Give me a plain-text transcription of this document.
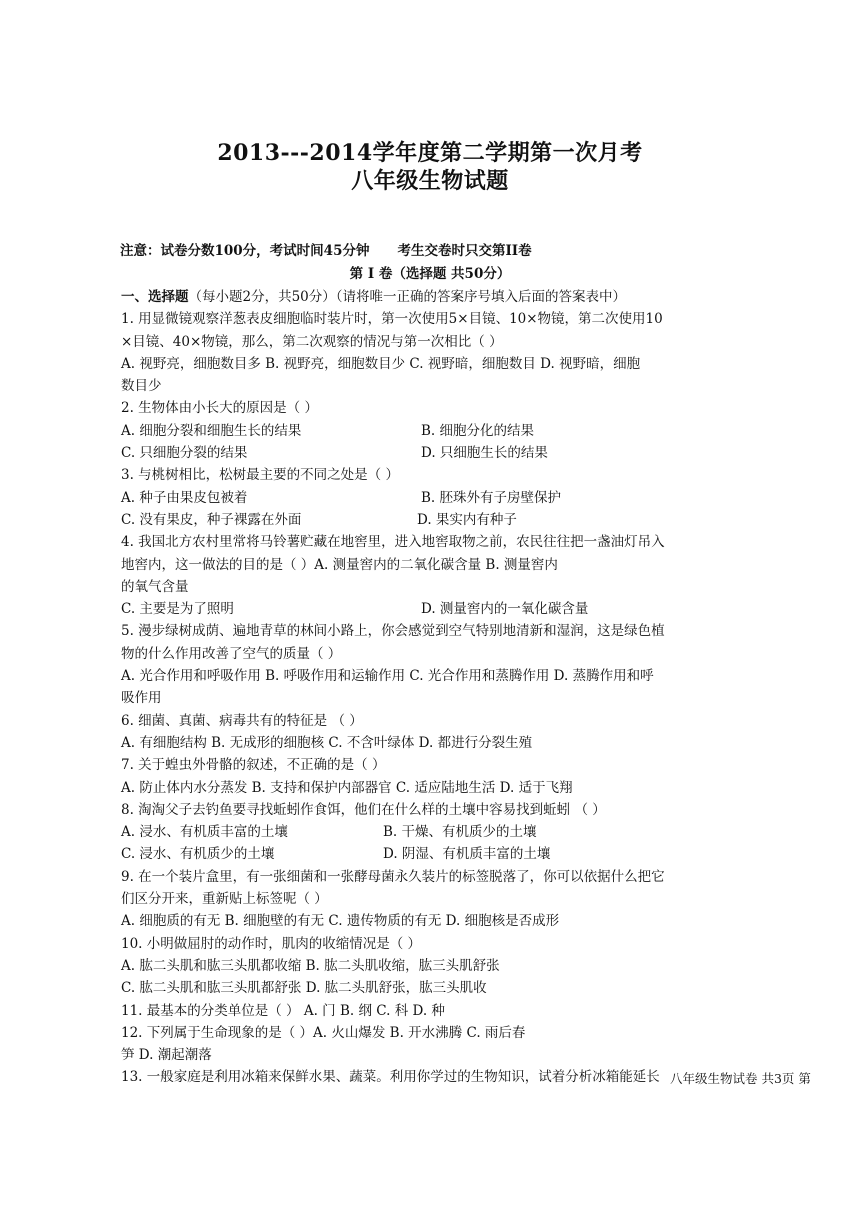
2013---2014学年度第二学期第一次月考
八年级生物试题
注意：试卷分数100分，考试时间45分钟 考生交卷时只交第II卷
第 I 卷（选择题 共50分）
一、选择题（每小题2分，共50分）（请将唯一正确的答案序号填入后面的答案表中）
1. 用显微镜观察洋葱表皮细胞临时装片时，第一次使用5×目镜、10×物镜，第二次使用10
×目镜、40×物镜，那么，第二次观察的情况与第一次相比（ ）
A. 视野亮，细胞数目多 B. 视野亮，细胞数目少 C. 视野暗，细胞数目 D. 视野暗，细胞
数目少
2. 生物体由小长大的原因是（ ）
A. 细胞分裂和细胞生长的结果	B. 细胞分化的结果
C. 只细胞分裂的结果	D. 只细胞生长的结果
3. 与桃树相比，松树最主要的不同之处是（ ）
A. 种子由果皮包被着	B. 胚珠外有子房壁保护
C. 没有果皮，种子裸露在外面	D. 果实内有种子
4. 我国北方农村里常将马铃薯贮藏在地窖里，进入地窖取物之前，农民往往把一盏油灯吊入
地窖内，这一做法的目的是（ ）A. 测量窖内的二氧化碳含量 B. 测量窖内
的氧气含量
C. 主要是为了照明	D. 测量窖内的一氧化碳含量
5. 漫步绿树成荫、遍地青草的林间小路上，你会感觉到空气特别地清新和湿润，这是绿色植
物的什么作用改善了空气的质量（ ）
A. 光合作用和呼吸作用 B. 呼吸作用和运输作用 C. 光合作用和蒸腾作用 D. 蒸腾作用和呼
吸作用
6. 细菌、真菌、病毒共有的特征是 （ ）
A. 有细胞结构 B. 无成形的细胞核 C. 不含叶绿体 D. 都进行分裂生殖
7. 关于蝗虫外骨骼的叙述，不正确的是（ ）
A. 防止体内水分蒸发 B. 支持和保护内部器官 C. 适应陆地生活 D. 适于飞翔
8. 淘淘父子去钓鱼要寻找蚯蚓作食饵，他们在什么样的土壤中容易找到蚯蚓 （ ）
A. 浸水、有机质丰富的土壤	B. 干燥、有机质少的土壤
C. 浸水、有机质少的土壤	D. 阴湿、有机质丰富的土壤
9. 在一个装片盒里，有一张细菌和一张酵母菌永久装片的标签脱落了，你可以依据什么把它
们区分开来，重新贴上标签呢（ ）
A. 细胞质的有无 B. 细胞壁的有无 C. 遗传物质的有无 D. 细胞核是否成形
10. 小明做屈肘的动作时，肌肉的收缩情况是（ ）
A. 肱二头肌和肱三头肌都收缩 B. 肱二头肌收缩，肱三头肌舒张
C. 肱二头肌和肱三头肌都舒张 D. 肱二头肌舒张，肱三头肌收
11. 最基本的分类单位是（ ） A. 门 B. 纲 C. 科 D. 种
12. 下列属于生命现象的是（ ）A. 火山爆发 B. 开水沸腾 C. 雨后春
笋 D. 潮起潮落
13. 一般家庭是利用冰箱来保鲜水果、蔬菜。利用你学过的生物知识，试着分析冰箱能延长 八年级生物试卷 共3页 第
